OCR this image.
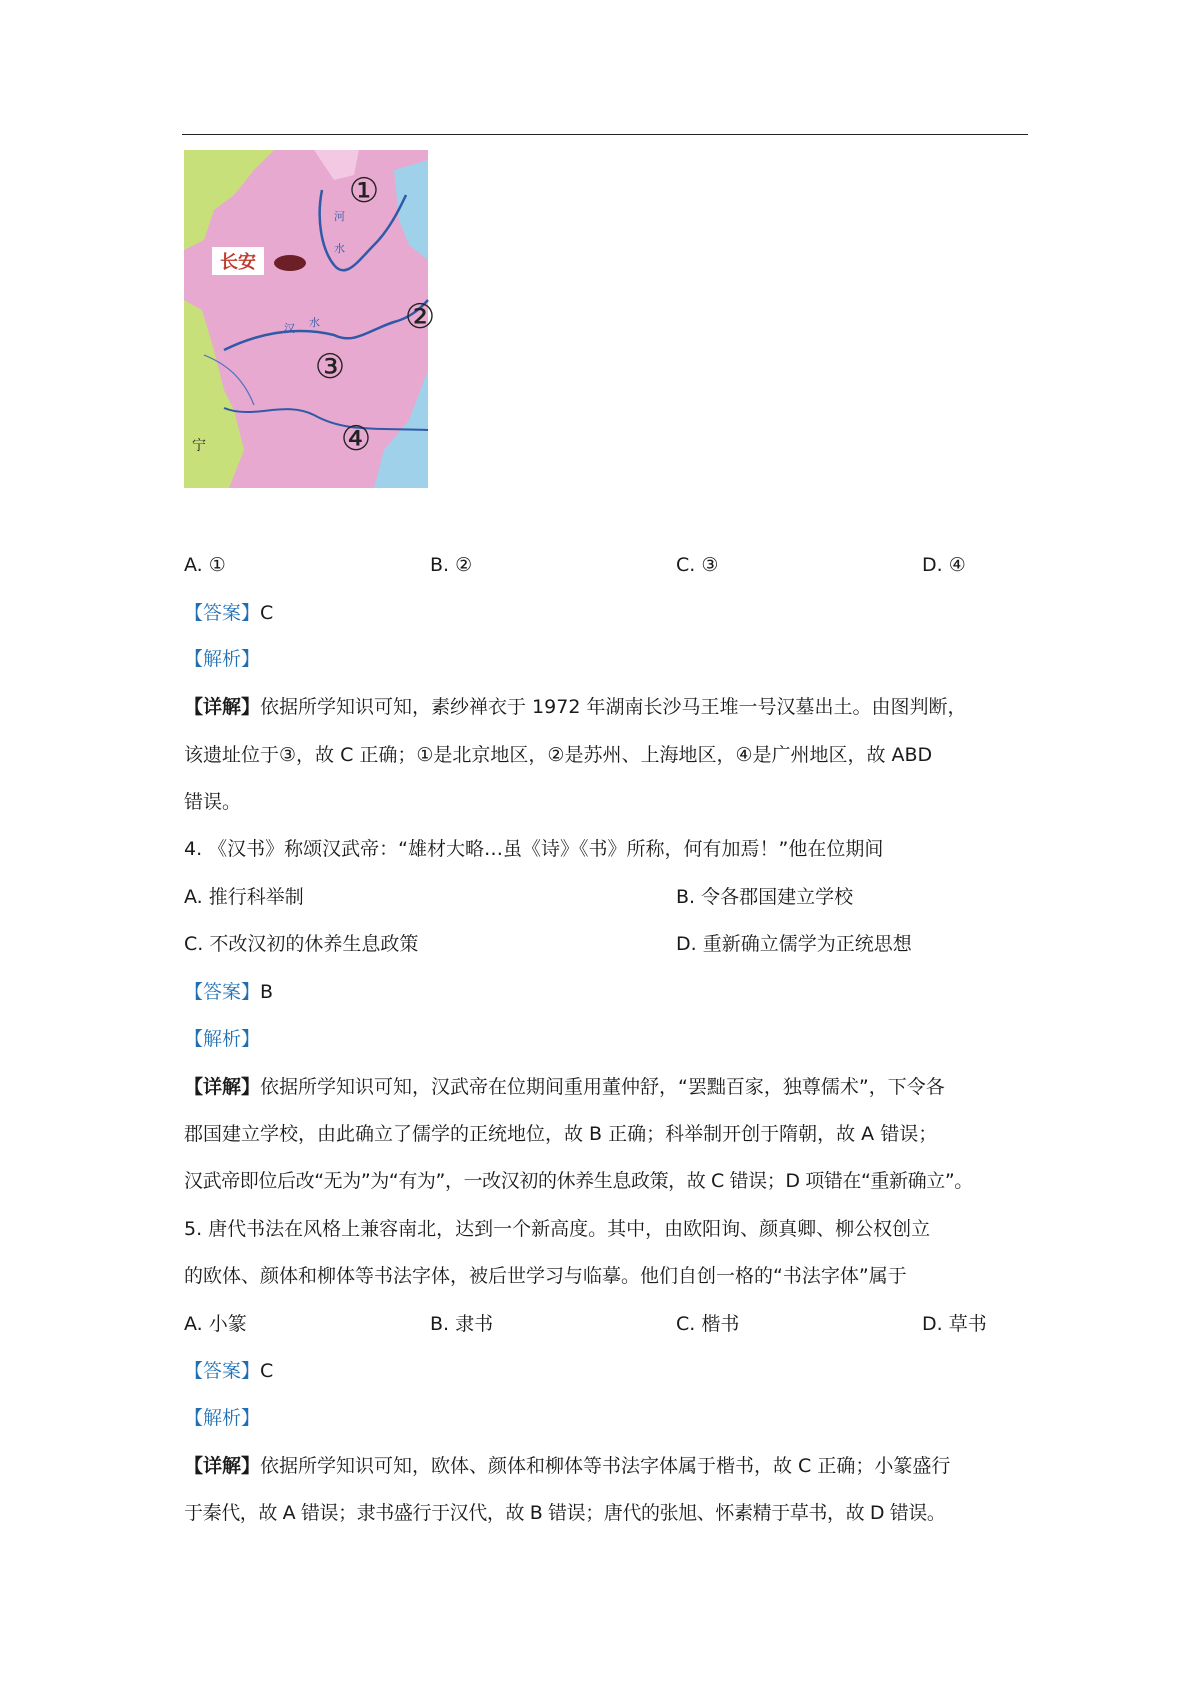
长安
①
②
③
④
河
水
汉 水
宁
A. ①	B. ②	C. ③	D. ④
【答案】C
【解析】
【详解】依据所学知识可知，素纱禅衣于 1972 年湖南长沙马王堆一号汉墓出土。由图判断，
该遗址位于③，故 C 正确；①是北京地区，②是苏州、上海地区，④是广州地区，故 ABD
错误。
4. 《汉书》称颂汉武帝：“雄材大略…虽《诗》《书》所称，何有加焉！”他在位期间
A. 推行科举制	B. 令各郡国建立学校
C. 不改汉初的休养生息政策	D. 重新确立儒学为正统思想
【答案】B
【解析】
【详解】依据所学知识可知，汉武帝在位期间重用董仲舒，“罢黜百家，独尊儒术”，下令各
郡国建立学校，由此确立了儒学的正统地位，故 B 正确；科举制开创于隋朝，故 A 错误；
汉武帝即位后改“无为”为“有为”，一改汉初的休养生息政策，故 C 错误；D 项错在“重新确立”。
5. 唐代书法在风格上兼容南北，达到一个新高度。其中，由欧阳询、颜真卿、柳公权创立
的欧体、颜体和柳体等书法字体，被后世学习与临摹。他们自创一格的“书法字体”属于
A. 小篆	B. 隶书	C. 楷书	D. 草书
【答案】C
【解析】
【详解】依据所学知识可知，欧体、颜体和柳体等书法字体属于楷书，故 C 正确；小篆盛行
于秦代，故 A 错误；隶书盛行于汉代，故 B 错误；唐代的张旭、怀素精于草书，故 D 错误。
